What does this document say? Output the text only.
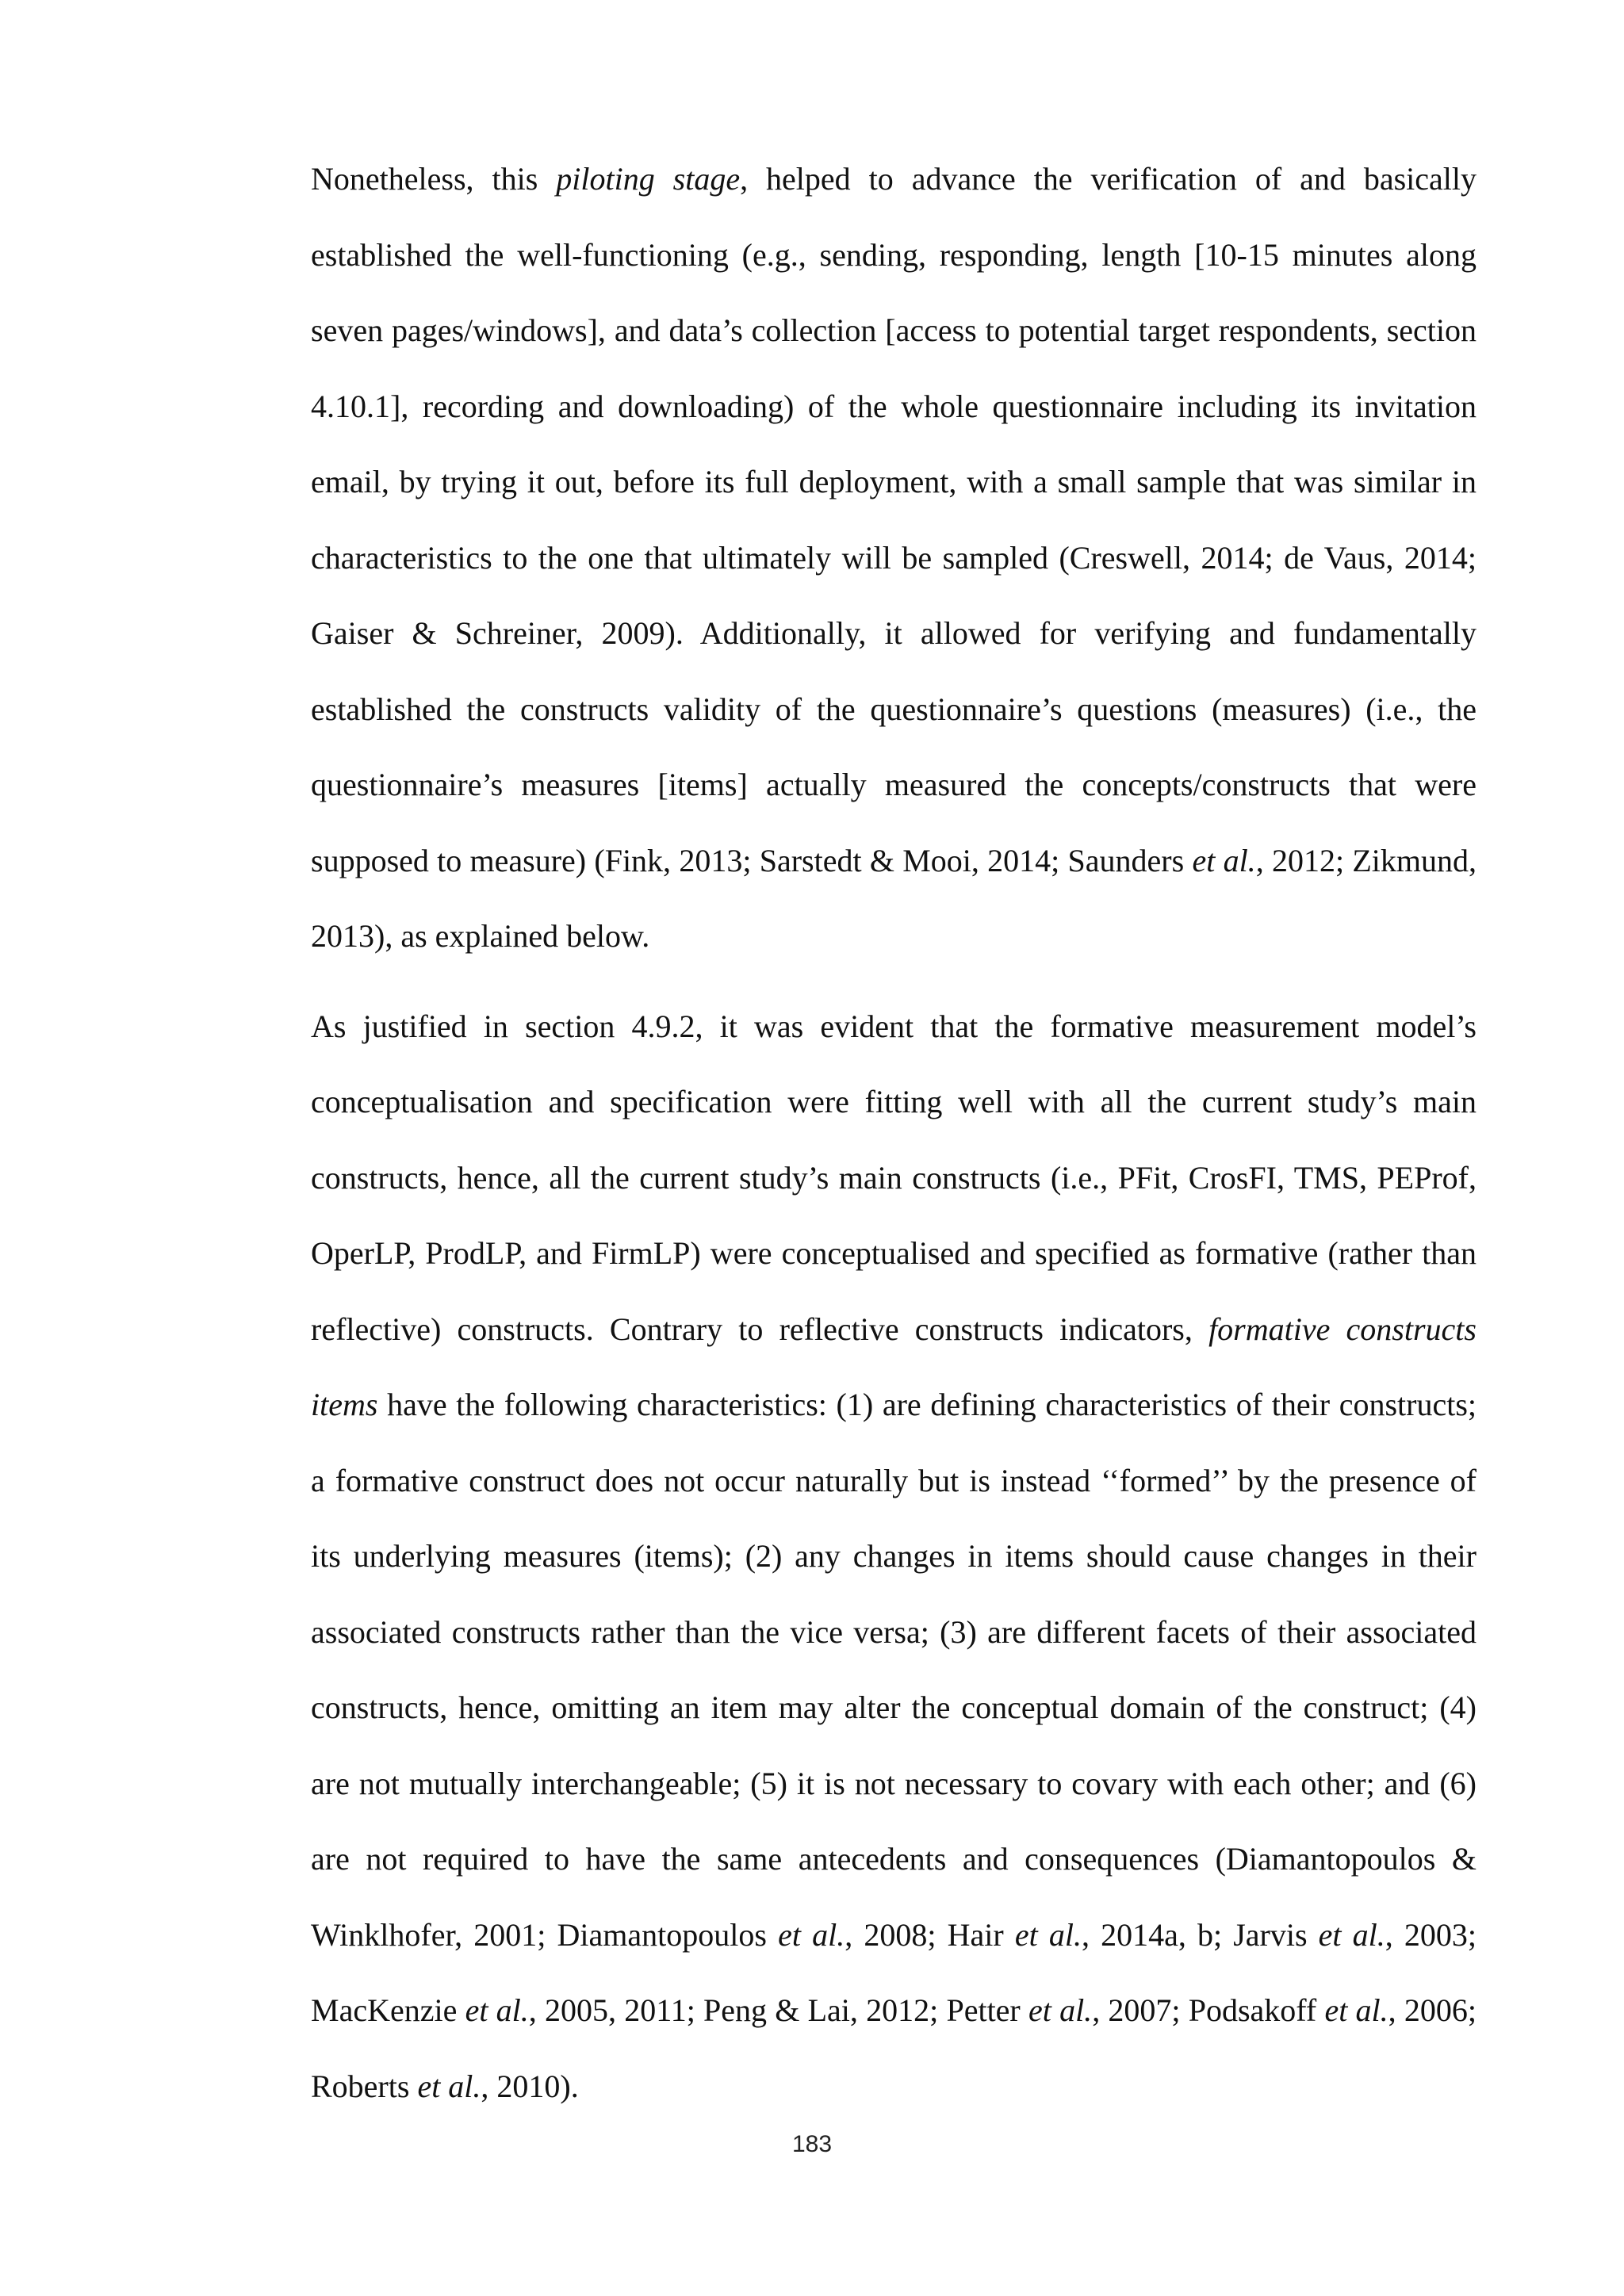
Nonetheless, this piloting stage, helped to advance the verification of and basically established the well-functioning (e.g., sending, responding, length [10-15 minutes along seven pages/windows], and data’s collection [access to potential target respondents, section 4.10.1], recording and downloading) of the whole questionnaire including its invitation email, by trying it out, before its full deployment, with a small sample that was similar in characteristics to the one that ultimately will be sampled (Creswell, 2014; de Vaus, 2014; Gaiser & Schreiner, 2009). Additionally, it allowed for verifying and fundamentally established the constructs validity of the questionnaire’s questions (measures) (i.e., the questionnaire’s measures [items] actually measured the concepts/constructs that were supposed to measure) (Fink, 2013; Sarstedt & Mooi, 2014; Saunders et al., 2012; Zikmund, 2013), as explained below.

As justified in section 4.9.2, it was evident that the formative measurement model’s conceptualisation and specification were fitting well with all the current study’s main constructs, hence, all the current study’s main constructs (i.e., PFit, CrosFI, TMS, PEProf, OperLP, ProdLP, and FirmLP) were conceptualised and specified as formative (rather than reflective) constructs. Contrary to reflective constructs indicators, formative constructs items have the following characteristics: (1) are defining characteristics of their constructs; a formative construct does not occur naturally but is instead ‘‘formed’’ by the presence of its underlying measures (items); (2) any changes in items should cause changes in their associated constructs rather than the vice versa; (3) are different facets of their associated constructs, hence, omitting an item may alter the conceptual domain of the construct; (4) are not mutually interchangeable; (5) it is not necessary to covary with each other; and (6) are not required to have the same antecedents and consequences (Diamantopoulos & Winklhofer, 2001; Diamantopoulos et al., 2008; Hair et al., 2014a, b; Jarvis et al., 2003; MacKenzie et al., 2005, 2011; Peng & Lai, 2012; Petter et al., 2007; Podsakoff et al., 2006; Roberts et al., 2010).

183
